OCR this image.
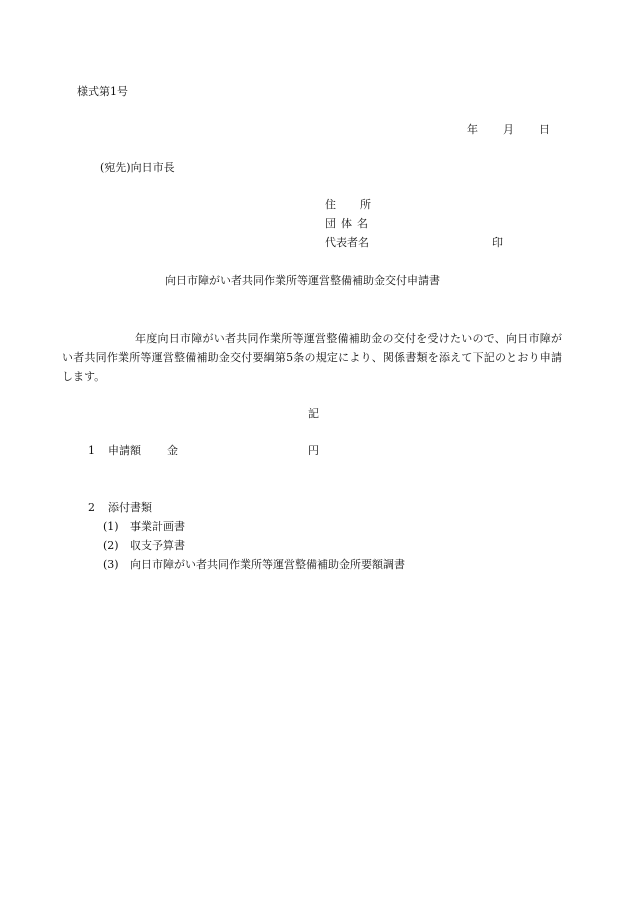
様式第1号
年 月 日
(宛先)向日市長
住所
団体名
代表者名	印
向日市障がい者共同作業所等運営整備補助金交付申請書
年度向日市障がい者共同作業所等運営整備補助金の交付を受けたいので、向日市障がい者共同作業所等運営整備補助金交付要綱第5条の規定により、関係書類を添えて下記のとおり申請します。
記
1 申請額 金	円
2 添付書類
(1) 事業計画書
(2) 収支予算書
(3) 向日市障がい者共同作業所等運営整備補助金所要額調書
